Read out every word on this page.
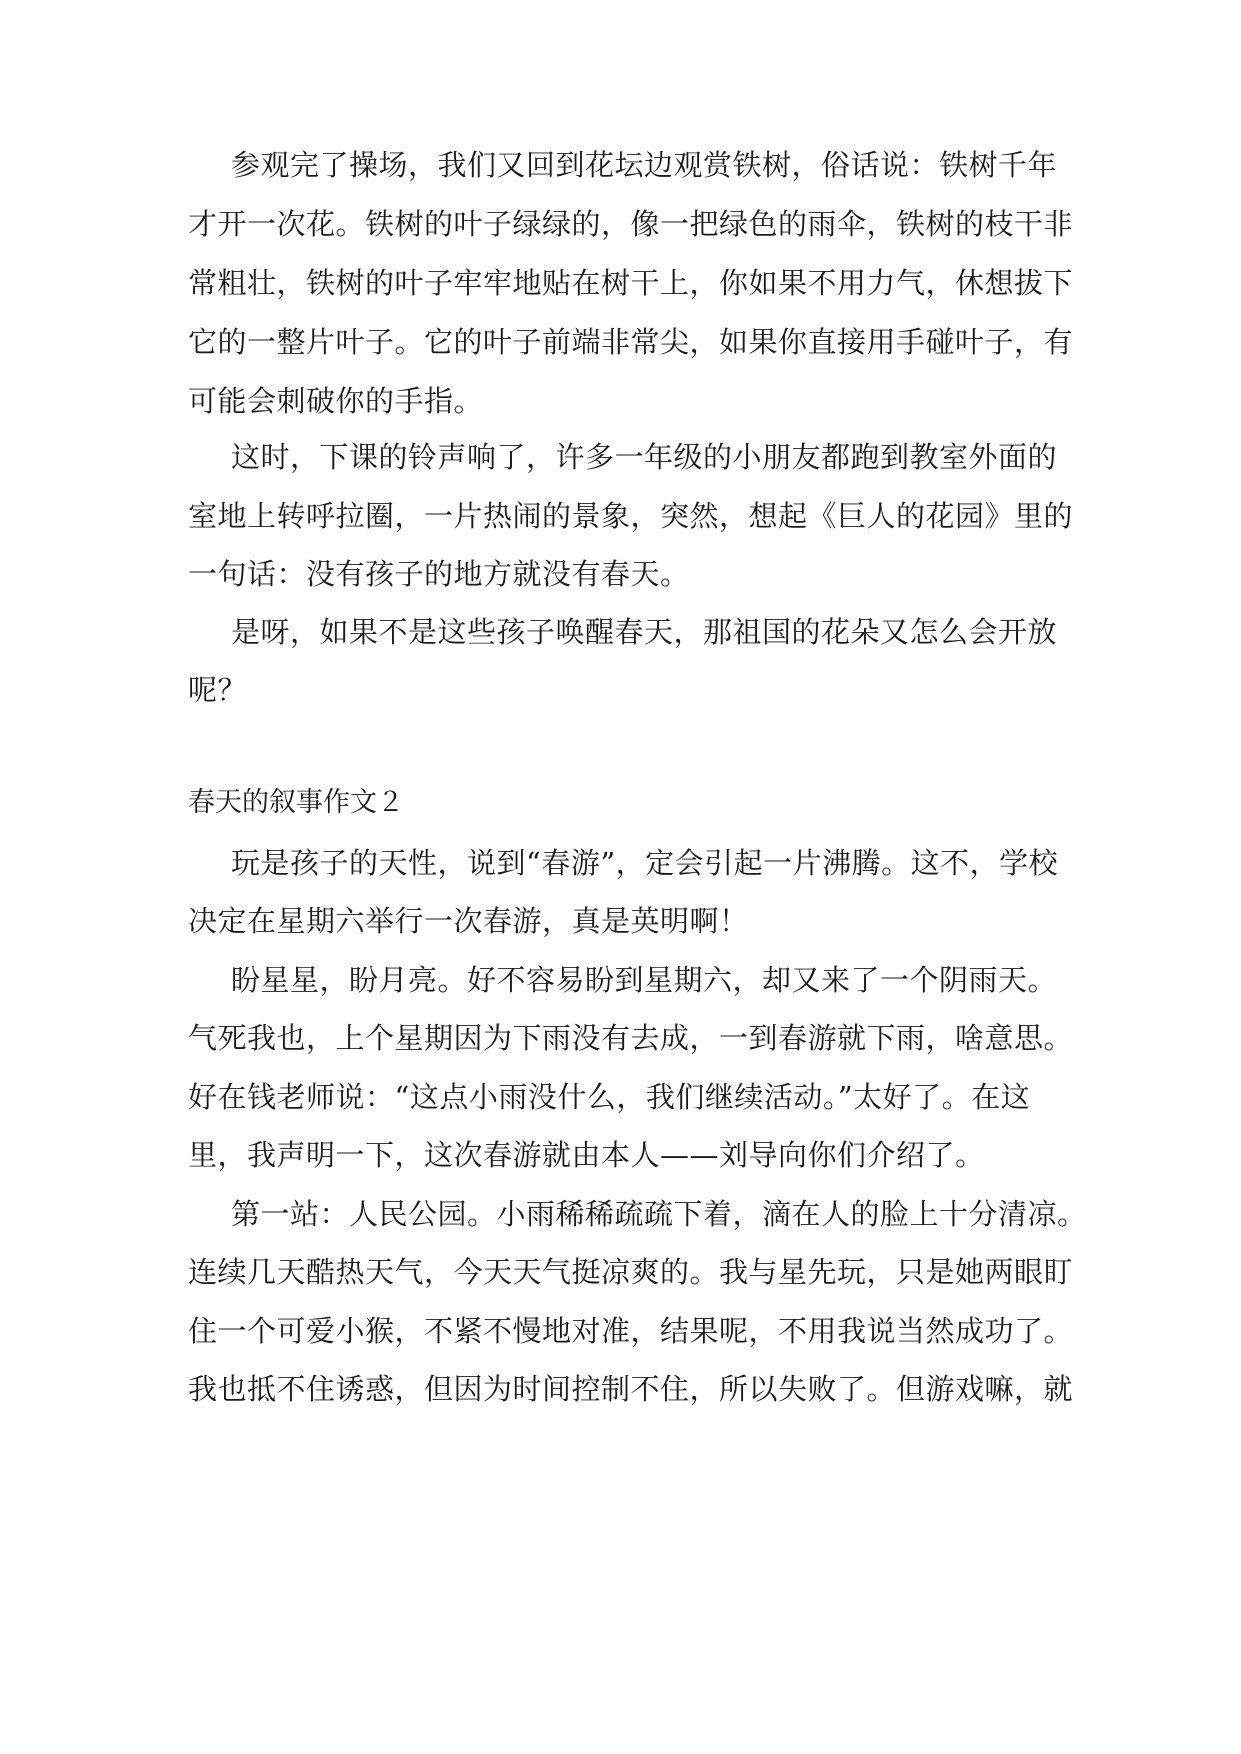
参观完了操场，我们又回到花坛边观赏铁树，俗话说：铁树千年
才开一次花。铁树的叶子绿绿的，像一把绿色的雨伞，铁树的枝干非
常粗壮，铁树的叶子牢牢地贴在树干上，你如果不用力气，休想拔下
它的一整片叶子。它的叶子前端非常尖，如果你直接用手碰叶子，有
可能会刺破你的手指。
这时，下课的铃声响了，许多一年级的小朋友都跑到教室外面的
室地上转呼拉圈，一片热闹的景象，突然，想起《巨人的花园》里的
一句话：没有孩子的地方就没有春天。
是呀，如果不是这些孩子唤醒春天，那祖国的花朵又怎么会开放
呢？
春天的叙事作文２
玩是孩子的天性，说到“春游”，定会引起一片沸腾。这不，学校
决定在星期六举行一次春游，真是英明啊！
盼星星，盼月亮。好不容易盼到星期六，却又来了一个阴雨天。
气死我也，上个星期因为下雨没有去成，一到春游就下雨，啥意思。
好在钱老师说：“这点小雨没什么，我们继续活动。”太好了。在这
里，我声明一下，这次春游就由本人——刘导向你们介绍了。
第一站：人民公园。小雨稀稀疏疏下着，滴在人的脸上十分清凉。
连续几天酷热天气，今天天气挺凉爽的。我与星先玩，只是她两眼盯
住一个可爱小猴，不紧不慢地对准，结果呢，不用我说当然成功了。
我也抵不住诱惑，但因为时间控制不住，所以失败了。但游戏嘛，就
